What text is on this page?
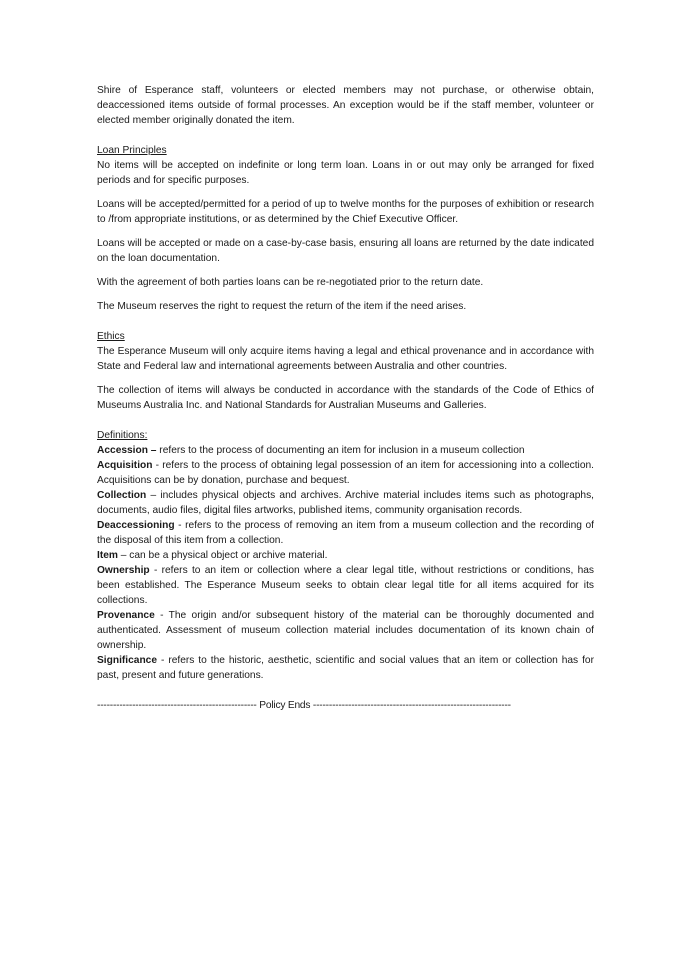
Shire of Esperance staff, volunteers or elected members may not purchase, or otherwise obtain, deaccessioned items outside of formal processes. An exception would be if the staff member, volunteer or elected member originally donated the item.

Loan Principles

No items will be accepted on indefinite or long term loan. Loans in or out may only be arranged for fixed periods and for specific purposes.

Loans will be accepted/permitted for a period of up to twelve months for the purposes of exhibition or research to /from appropriate institutions, or as determined by the Chief Executive Officer.

Loans will be accepted or made on a case-by-case basis, ensuring all loans are returned by the date indicated on the loan documentation.

With the agreement of both parties loans can be re-negotiated prior to the return date.

The Museum reserves the right to request the return of the item if the need arises.

Ethics

The Esperance Museum will only acquire items having a legal and ethical provenance and in accordance with State and Federal law and international agreements between Australia and other countries.

The collection of items will always be conducted in accordance with the standards of the Code of Ethics of Museums Australia Inc. and National Standards for Australian Museums and Galleries.

Definitions:

Accession – refers to the process of documenting an item for inclusion in a museum collection

Acquisition - refers to the process of obtaining legal possession of an item for accessioning into a collection. Acquisitions can be by donation, purchase and bequest.

Collection – includes physical objects and archives. Archive material includes items such as photographs, documents, audio files, digital files artworks, published items, community organisation records.

Deaccessioning - refers to the process of removing an item from a museum collection and the recording of the disposal of this item from a collection.

Item – can be a physical object or archive material.

Ownership - refers to an item or collection where a clear legal title, without restrictions or conditions, has been established. The Esperance Museum seeks to obtain clear legal title for all items acquired for its collections.

Provenance - The origin and/or subsequent history of the material can be thoroughly documented and authenticated. Assessment of museum collection material includes documentation of its known chain of ownership.

Significance - refers to the historic, aesthetic, scientific and social values that an item or collection has for past, present and future generations.

-------------------------------------------------- Policy Ends --------------------------------------------------------------
